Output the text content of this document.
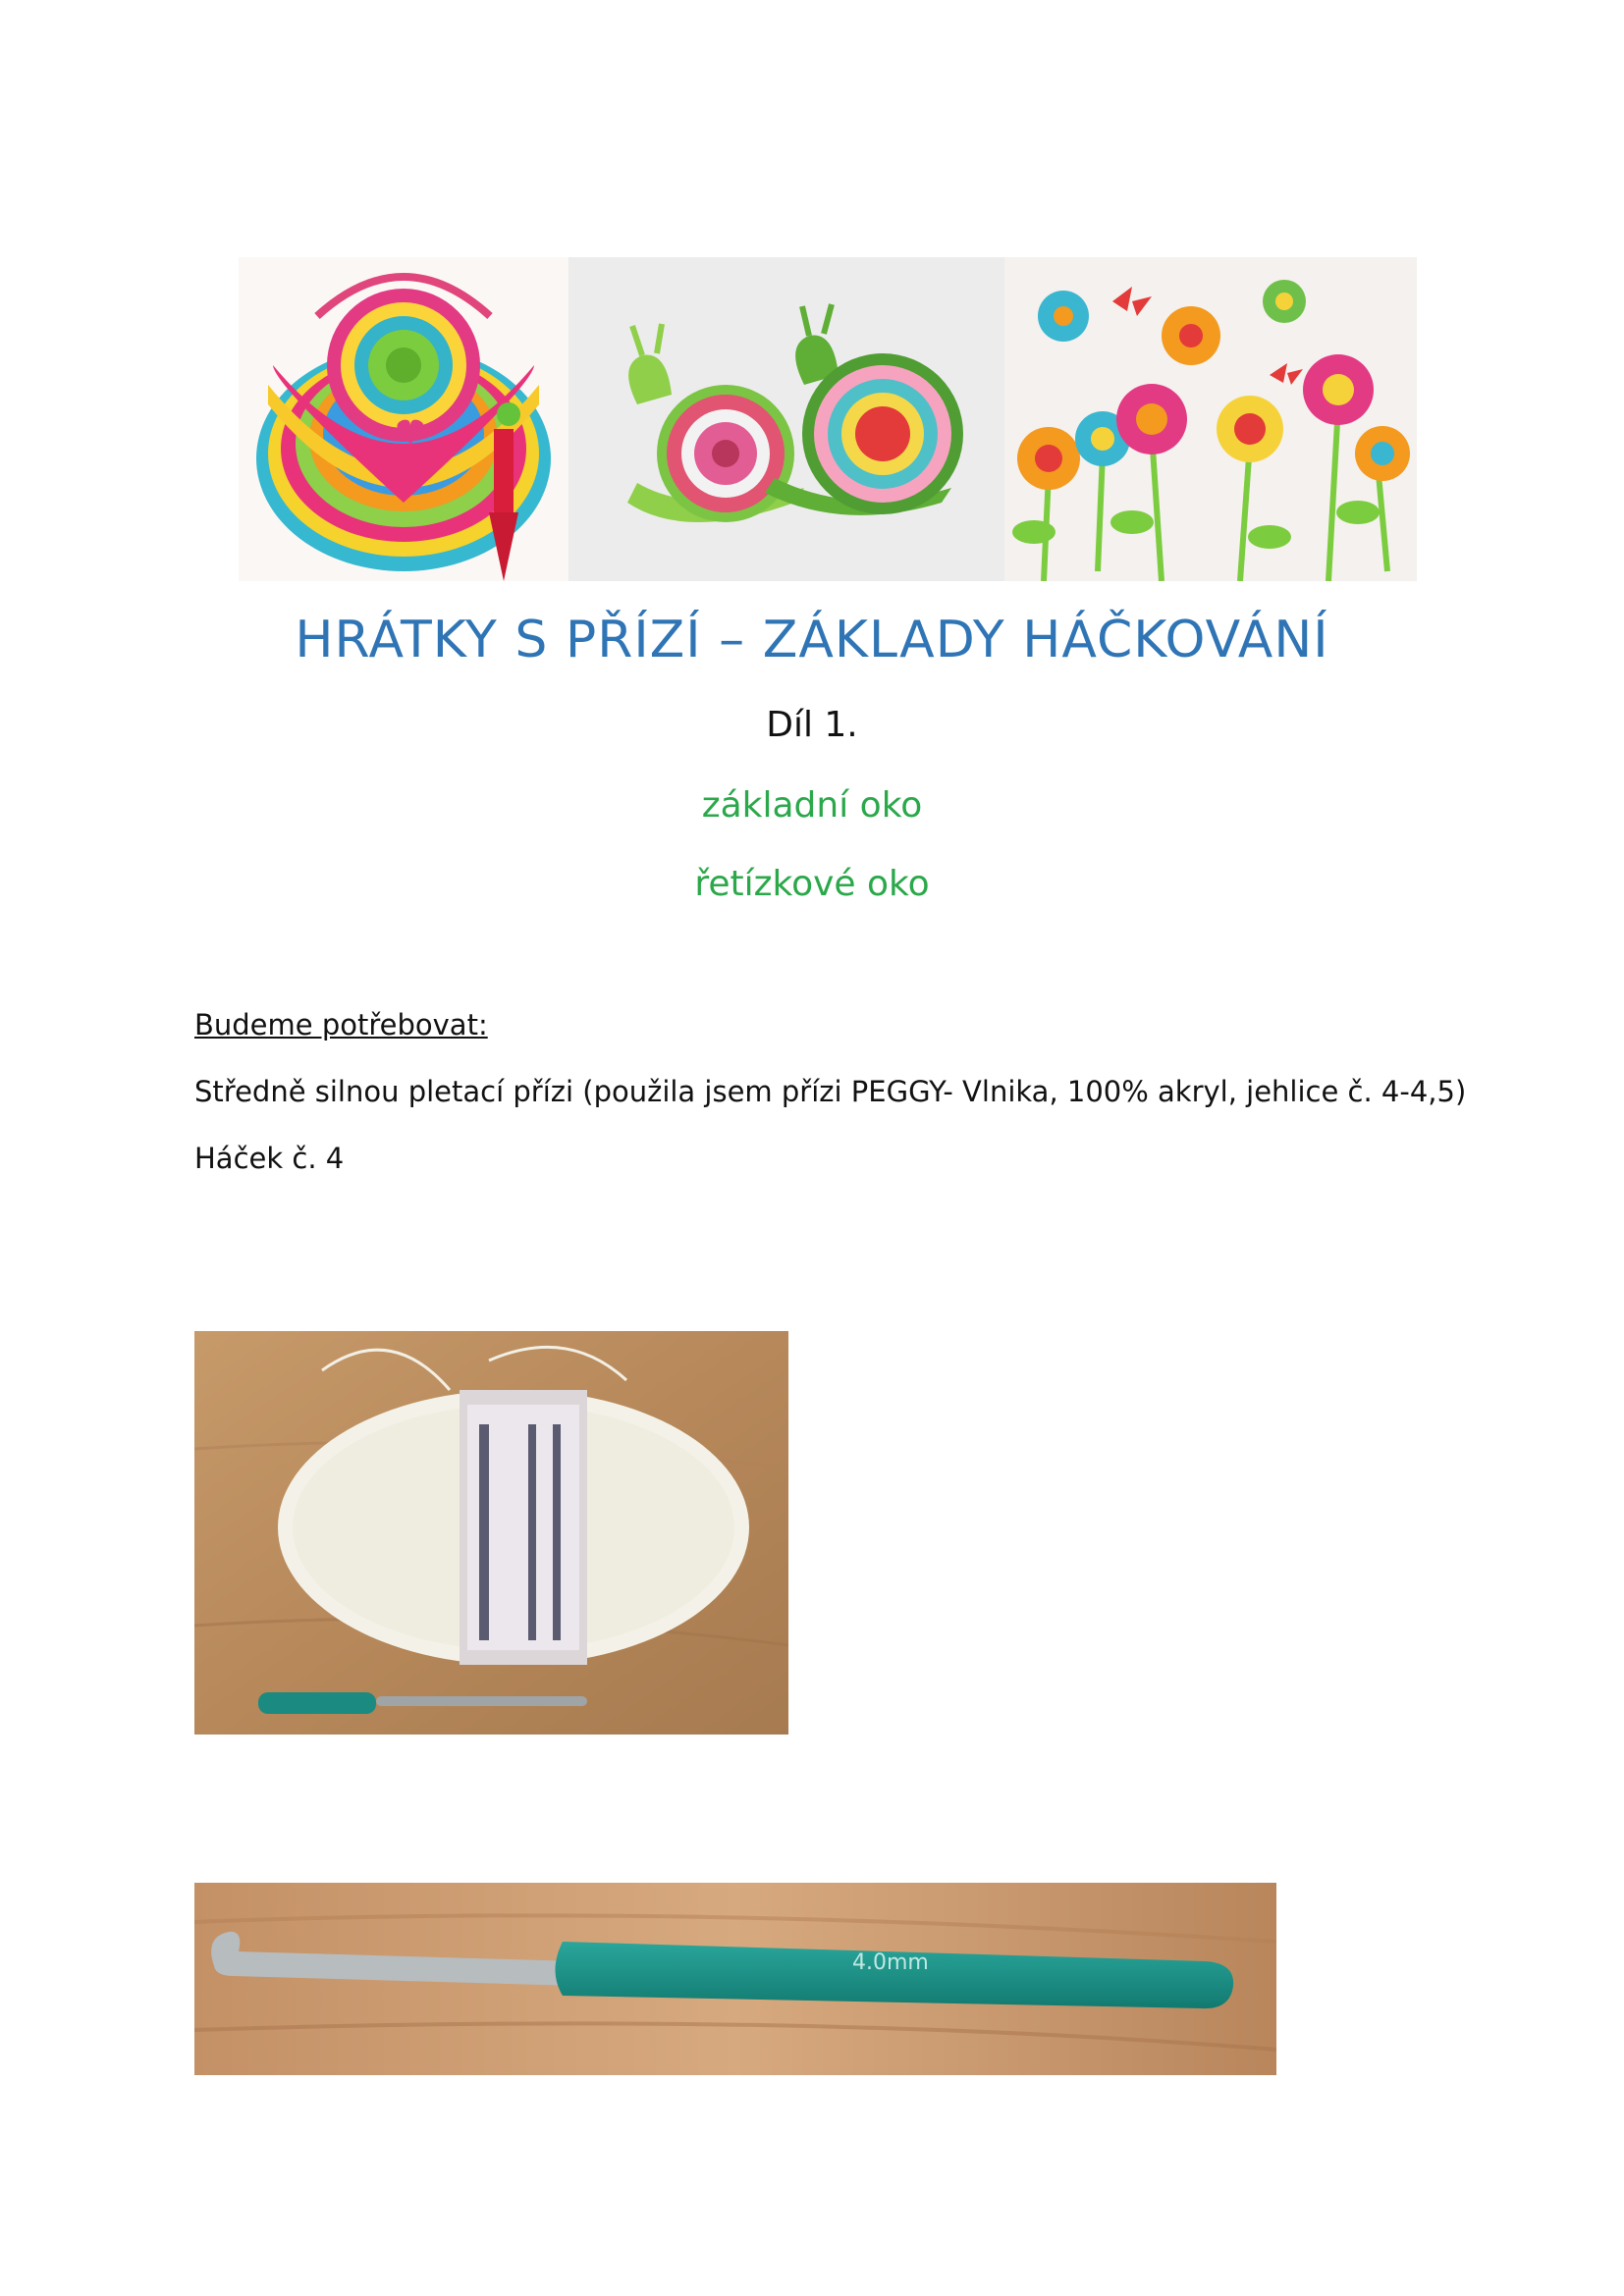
HRÁTKY S PŘÍZÍ – ZÁKLADY HÁČKOVÁNÍ
Díl 1.
základní oko
řetízkové oko
Budeme potřebovat:
Středně silnou pletací přízi (použila jsem přízi PEGGY- Vlnika, 100% akryl, jehlice č. 4-4,5)
Háček č. 4
4.0mm
